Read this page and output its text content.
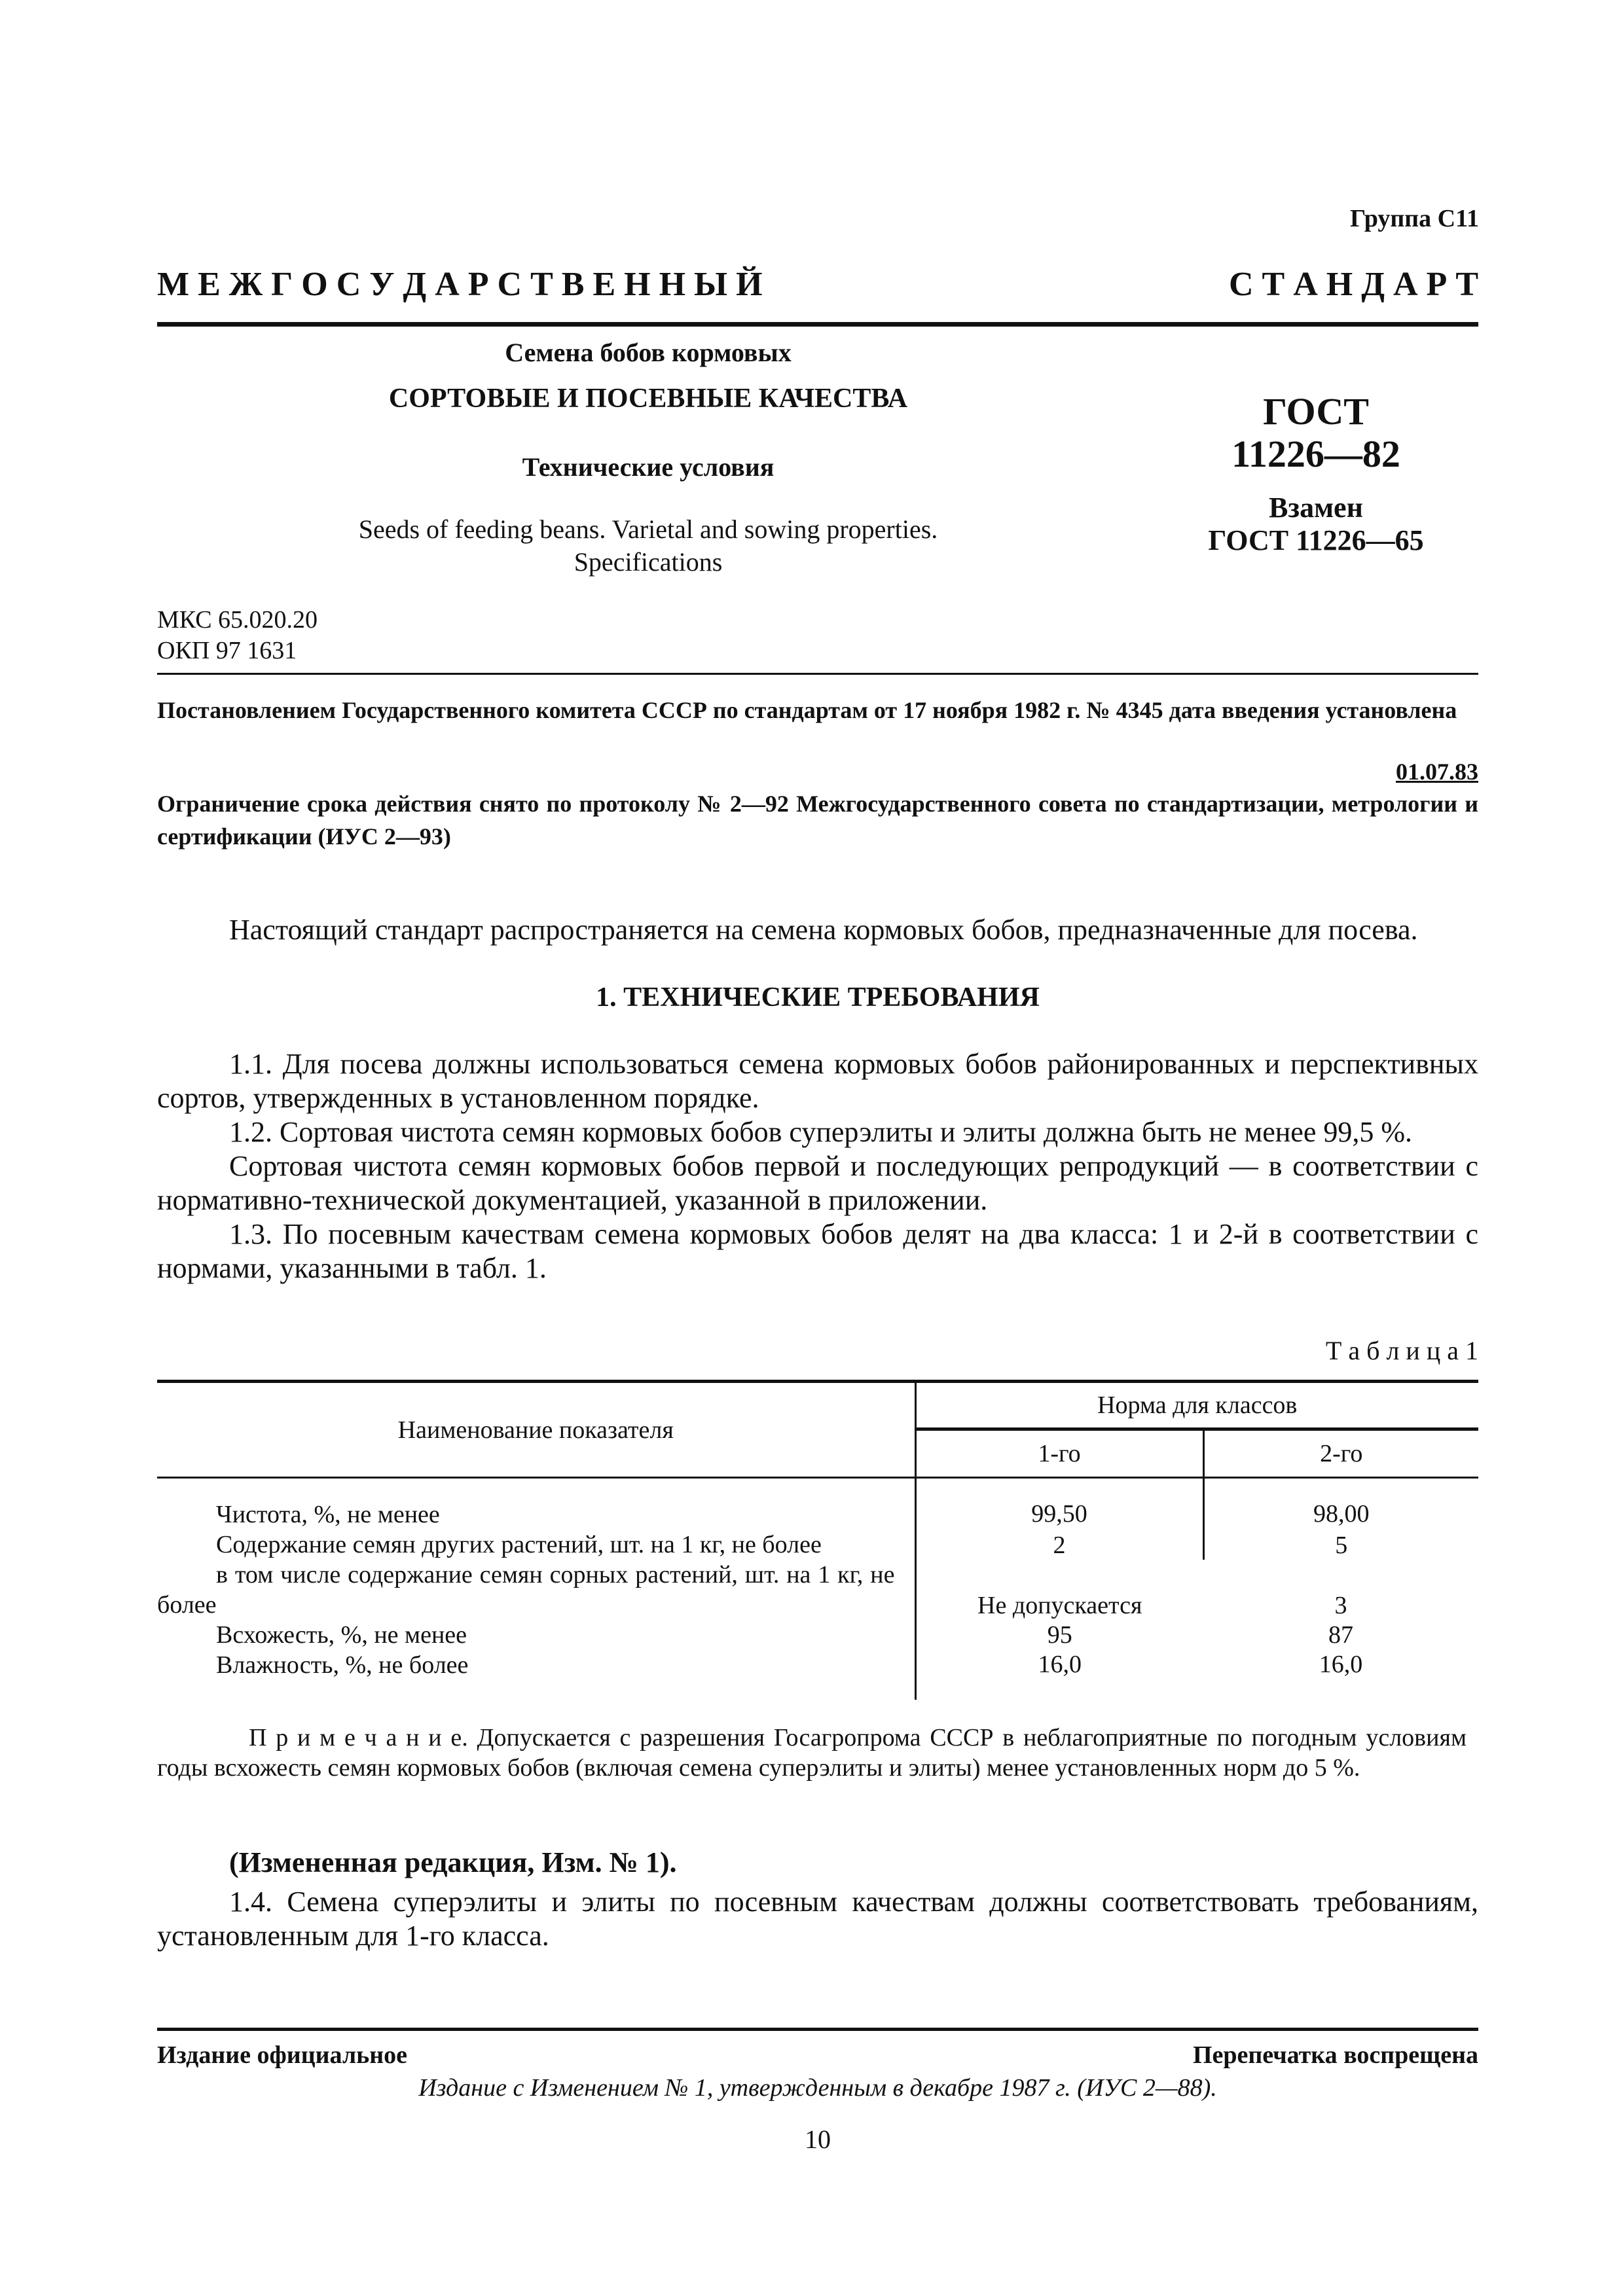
Группа С11
М Е Ж Г О С У Д А Р С Т В Е Н Н Ы Й	С Т А Н Д А Р Т
Семена бобов кормовых
СОРТОВЫЕ И ПОСЕВНЫЕ КАЧЕСТВА
Технические условия
Seeds of feeding beans. Varietal and sowing properties.
Specifications
ГОСТ
11226—82
Взамен
ГОСТ 11226—65
МКС 65.020.20
ОКП 97 1631
Постановлением Государственного комитета СССР по стандартам от 17 ноября 1982 г. № 4345 дата введения установлена
01.07.83
Ограничение срока действия снято по протоколу № 2—92 Межгосударственного совета по стандартизации, метрологии и сертификации (ИУС 2—93)
Настоящий стандарт распространяется на семена кормовых бобов, предназначенные для посева.
1. ТЕХНИЧЕСКИЕ ТРЕБОВАНИЯ
1.1. Для посева должны использоваться семена кормовых бобов районированных и перспективных сортов, утвержденных в установленном порядке.
1.2. Сортовая чистота семян кормовых бобов суперэлиты и элиты должна быть не менее 99,5 %.
Сортовая чистота семян кормовых бобов первой и последующих репродукций — в соответствии с нормативно-технической документацией, указанной в приложении.
1.3. По посевным качествам семена кормовых бобов делят на два класса: 1 и 2-й в соответствии с нормами, указанными в табл. 1.
Т а б л и ц а 1
Наименование показателя	Норма для классов	
	1-го	2-го
Чистота, %, не менее	99,50	98,00
Содержание семян других растений, шт. на 1 кг, не более	2	5
в том числе содержание семян сорных растений, шт. на 1 кг, не более	Не допускается	3
Всхожесть, %, не менее	95	87
Влажность, %, не более	16,0	16,0
П р и м е ч а н и е. Допускается с разрешения Госагропрома СССР в неблагоприятные по погодным условиям годы всхожесть семян кормовых бобов (включая семена суперэлиты и элиты) менее установленных норм до 5 %.
(Измененная редакция, Изм. № 1).
1.4. Семена суперэлиты и элиты по посевным качествам должны соответствовать требованиям, установленным для 1-го класса.
Издание официальное	Перепечатка воспрещена
Издание с Изменением № 1, утвержденным в декабре 1987 г. (ИУС 2—88).
10
